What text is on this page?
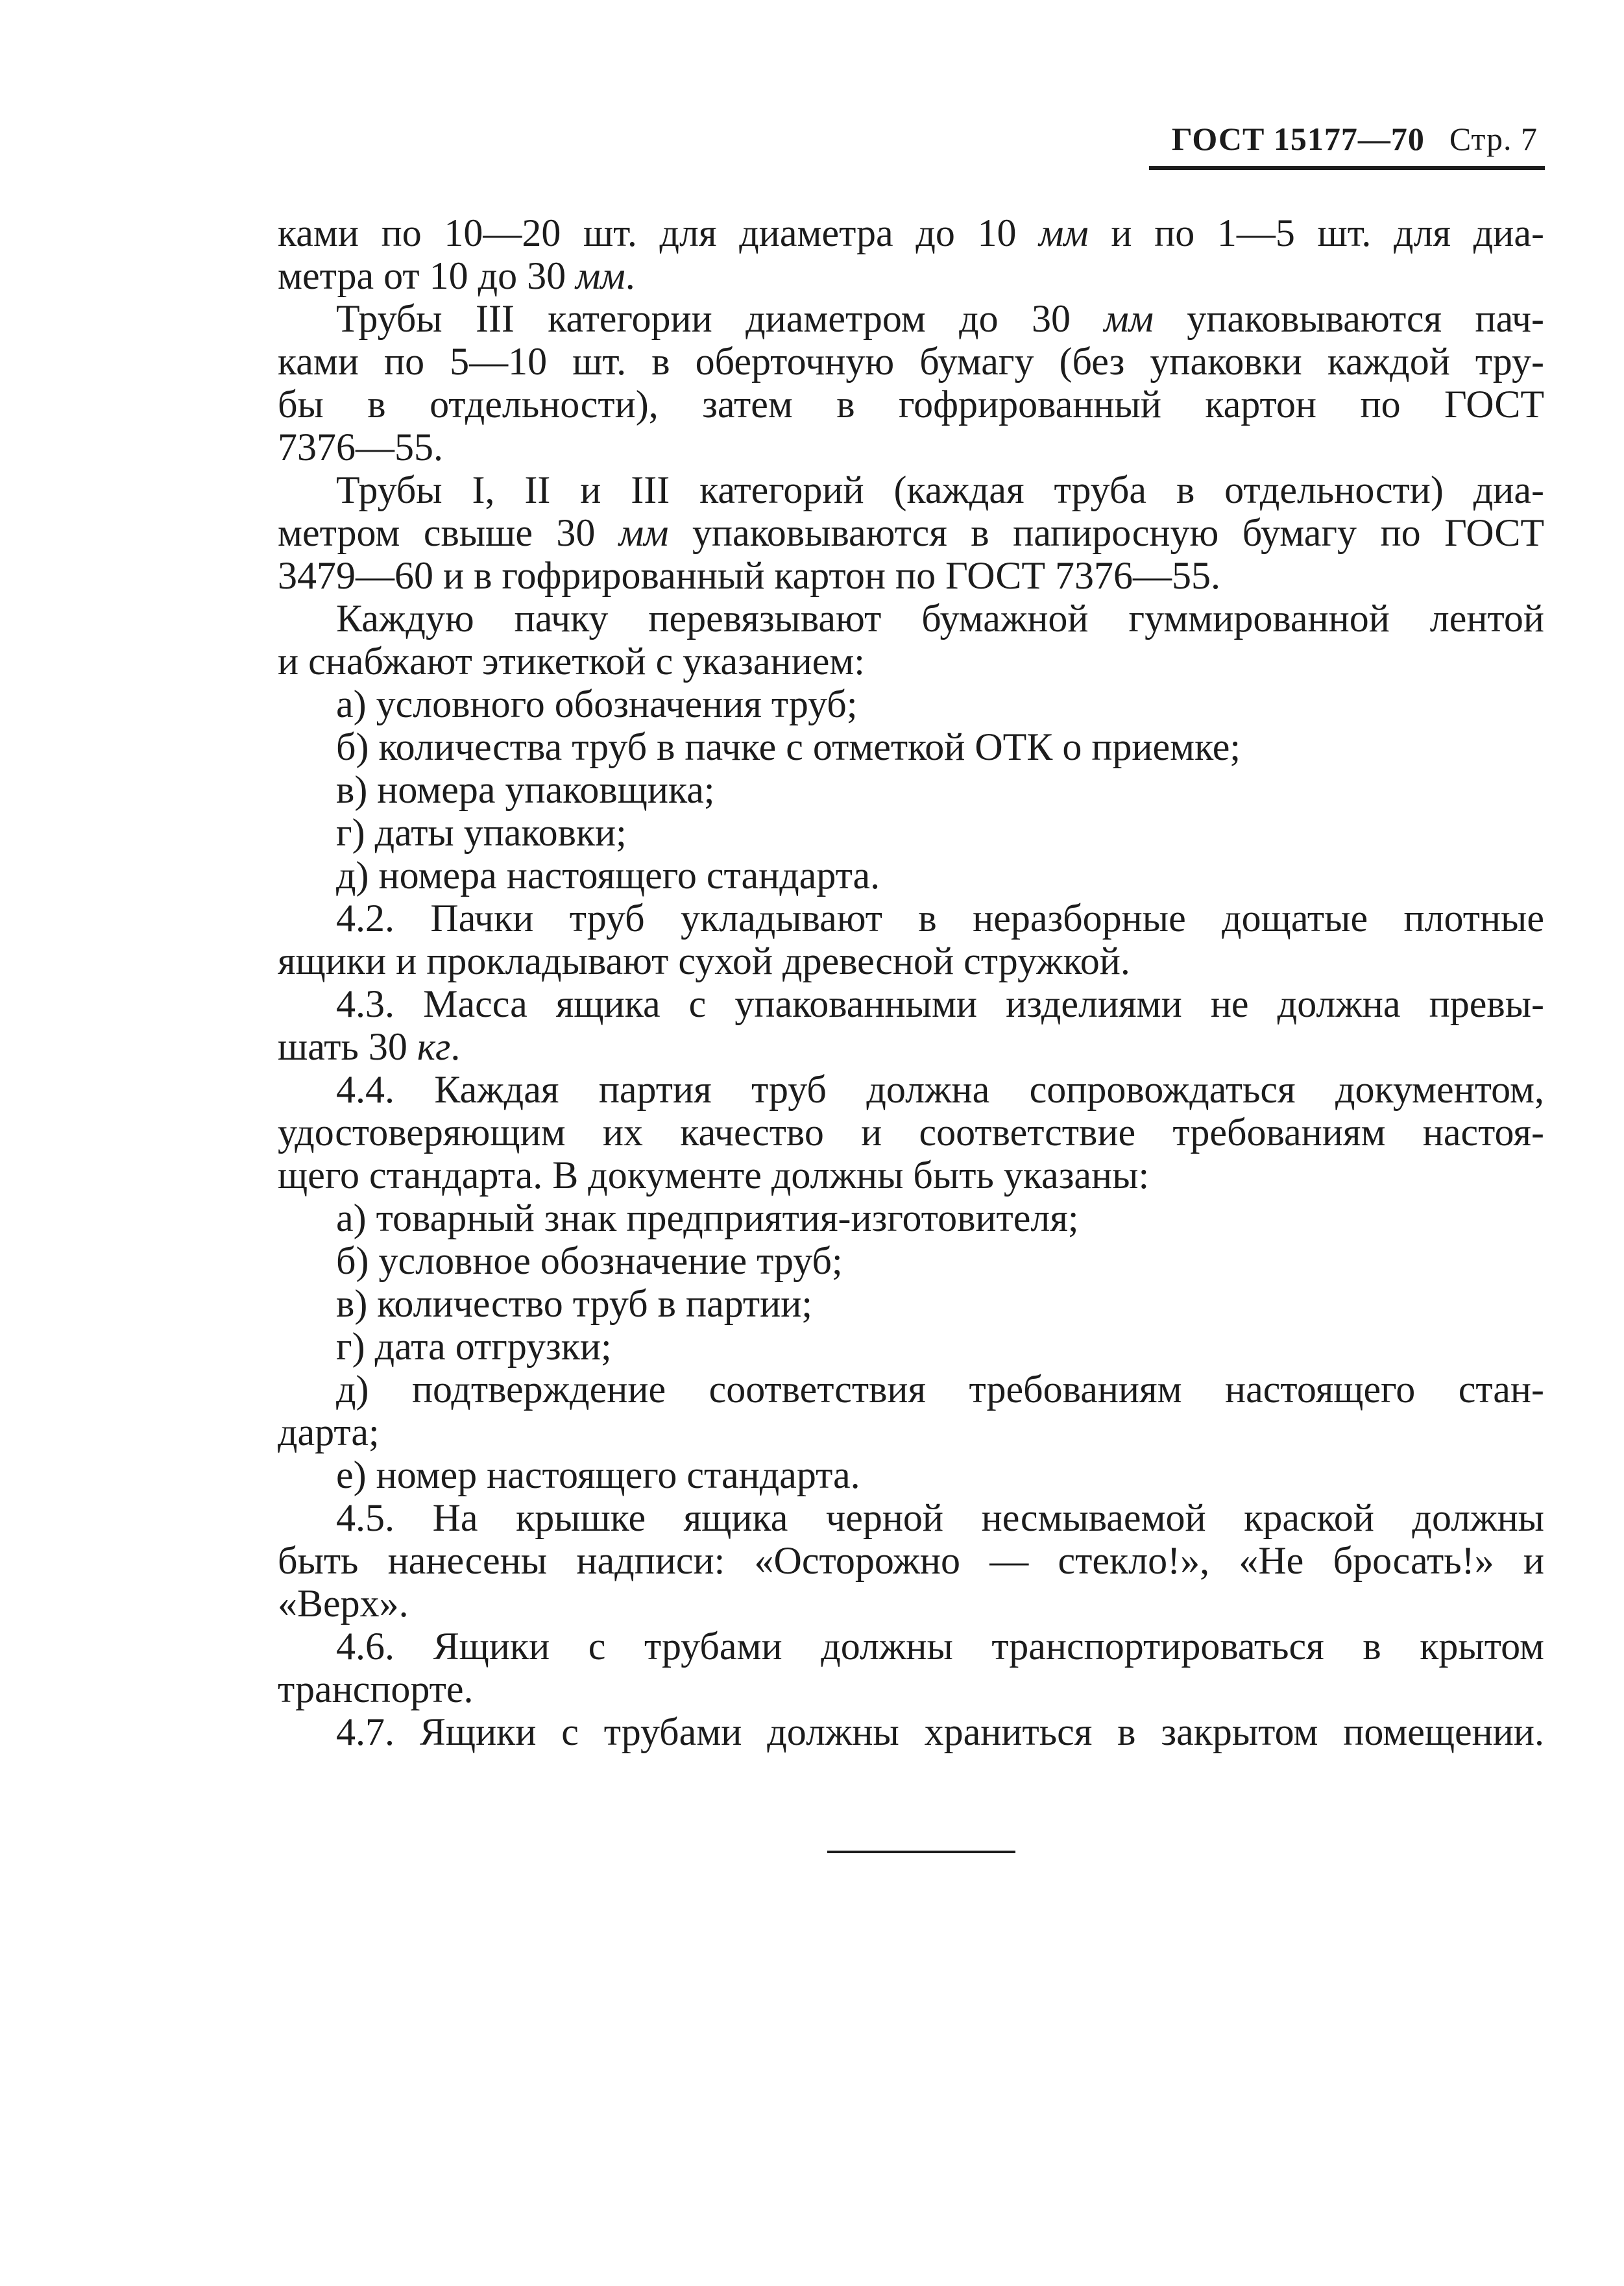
ГОСТ 15177—70 Стр. 7
ками по 10—20 шт. для диаметра до 10 мм и по 1—5 шт. для диа-
метра от 10 до 30 мм.
Трубы III категории диаметром до 30 мм упаковываются пач-
ками по 5—10 шт. в оберточную бумагу (без упаковки каждой тру-
бы в отдельности), затем в гофрированный картон по ГОСТ
7376—55.
Трубы I, II и III категорий (каждая труба в отдельности) диа-
метром свыше 30 мм упаковываются в папиросную бумагу по ГОСТ
3479—60 и в гофрированный картон по ГОСТ 7376—55.
Каждую пачку перевязывают бумажной гуммированной лентой
и снабжают этикеткой с указанием:
а) условного обозначения труб;
б) количества труб в пачке с отметкой ОТК о приемке;
в) номера упаковщика;
г) даты упаковки;
д) номера настоящего стандарта.
4.2. Пачки труб укладывают в неразборные дощатые плотные
ящики и прокладывают сухой древесной стружкой.
4.3. Масса ящика с упакованными изделиями не должна превы-
шать 30 кг.
4.4. Каждая партия труб должна сопровождаться документом,
удостоверяющим их качество и соответствие требованиям настоя-
щего стандарта. В документе должны быть указаны:
а) товарный знак предприятия-изготовителя;
б) условное обозначение труб;
в) количество труб в партии;
г) дата отгрузки;
д) подтверждение соответствия требованиям настоящего стан-
дарта;
е) номер настоящего стандарта.
4.5. На крышке ящика черной несмываемой краской должны
быть нанесены надписи: «Осторожно — стекло!», «Не бросать!» и
«Верх».
4.6. Ящики с трубами должны транспортироваться в крытом
транспорте.
4.7. Ящики с трубами должны храниться в закрытом помещении.
